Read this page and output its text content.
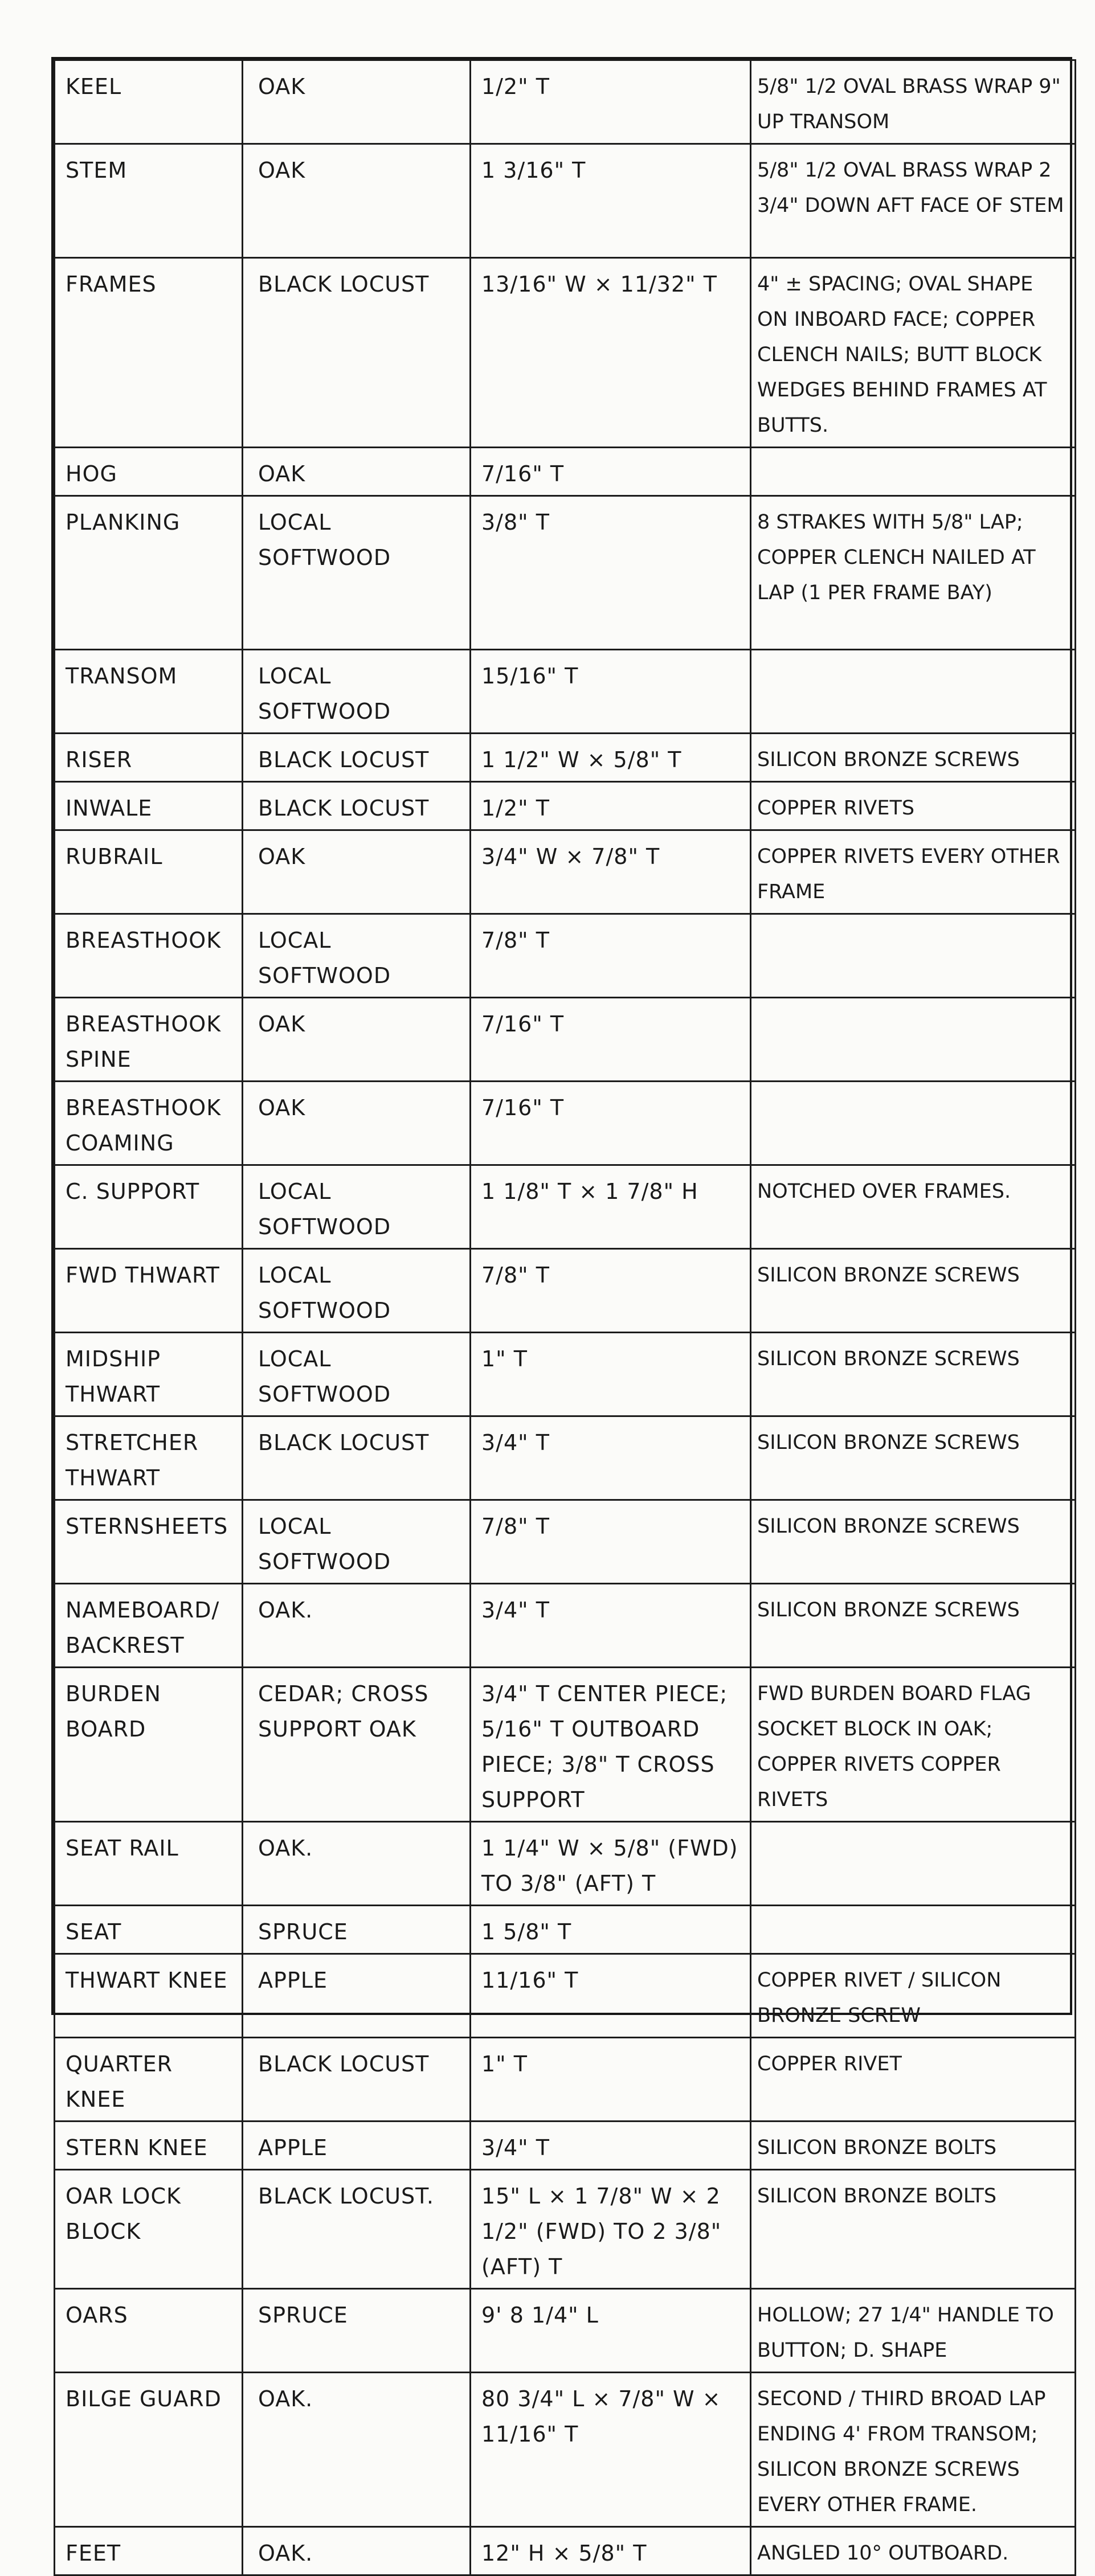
KEEL	OAK	1/2" T	5/8" 1/2 OVAL BRASS WRAP 9" UP TRANSOM
STEM	OAK	1 3/16" T	5/8" 1/2 OVAL BRASS WRAP 2 3/4" DOWN AFT FACE OF STEM
FRAMES	BLACK LOCUST	13/16" W × 11/32" T	4" ± SPACING; OVAL SHAPE ON INBOARD FACE; COPPER CLENCH NAILS; BUTT BLOCK WEDGES BEHIND FRAMES AT BUTTS.
HOG	OAK	7/16" T	
PLANKING	LOCAL SOFTWOOD	3/8" T	8 STRAKES WITH 5/8" LAP; COPPER CLENCH NAILED AT LAP (1 PER FRAME BAY)
TRANSOM	LOCAL SOFTWOOD	15/16" T	
RISER	BLACK LOCUST	1 1/2" W × 5/8" T	SILICON BRONZE SCREWS
INWALE	BLACK LOCUST	1/2" T	COPPER RIVETS
RUBRAIL	OAK	3/4" W × 7/8" T	COPPER RIVETS EVERY OTHER FRAME
BREASTHOOK	LOCAL SOFTWOOD	7/8" T	
BREASTHOOK SPINE	OAK	7/16" T	
BREASTHOOK COAMING	OAK	7/16" T	
C. SUPPORT	LOCAL SOFTWOOD	1 1/8" T × 1 7/8" H	NOTCHED OVER FRAMES.
FWD THWART	LOCAL SOFTWOOD	7/8" T	SILICON BRONZE SCREWS
MIDSHIP THWART	LOCAL SOFTWOOD	1" T	SILICON BRONZE SCREWS
STRETCHER THWART	BLACK LOCUST	3/4" T	SILICON BRONZE SCREWS
STERNSHEETS	LOCAL SOFTWOOD	7/8" T	SILICON BRONZE SCREWS
NAMEBOARD/ BACKREST	OAK.	3/4" T	SILICON BRONZE SCREWS
BURDEN BOARD	CEDAR; CROSS SUPPORT OAK	3/4" T CENTER PIECE; 5/16" T OUTBOARD PIECE; 3/8" T CROSS SUPPORT	FWD BURDEN BOARD FLAG SOCKET BLOCK IN OAK; COPPER RIVETS COPPER RIVETS
SEAT RAIL	OAK.	1 1/4" W × 5/8" (FWD) TO 3/8" (AFT) T	
SEAT	SPRUCE	1 5/8" T	
THWART KNEE	APPLE	11/16" T	COPPER RIVET / SILICON BRONZE SCREW
QUARTER KNEE	BLACK LOCUST	1" T	COPPER RIVET
STERN KNEE	APPLE	3/4" T	SILICON BRONZE BOLTS
OAR LOCK BLOCK	BLACK LOCUST.	15" L × 1 7/8" W × 2 1/2" (FWD) TO 2 3/8" (AFT) T	SILICON BRONZE BOLTS
OARS	SPRUCE	9' 8 1/4" L	HOLLOW; 27 1/4" HANDLE TO BUTTON; D. SHAPE
BILGE GUARD	OAK.	80 3/4" L × 7/8" W × 11/16" T	SECOND / THIRD BROAD LAP ENDING 4' FROM TRANSOM; SILICON BRONZE SCREWS EVERY OTHER FRAME.
FEET	OAK.	12" H × 5/8" T	ANGLED 10° OUTBOARD.
